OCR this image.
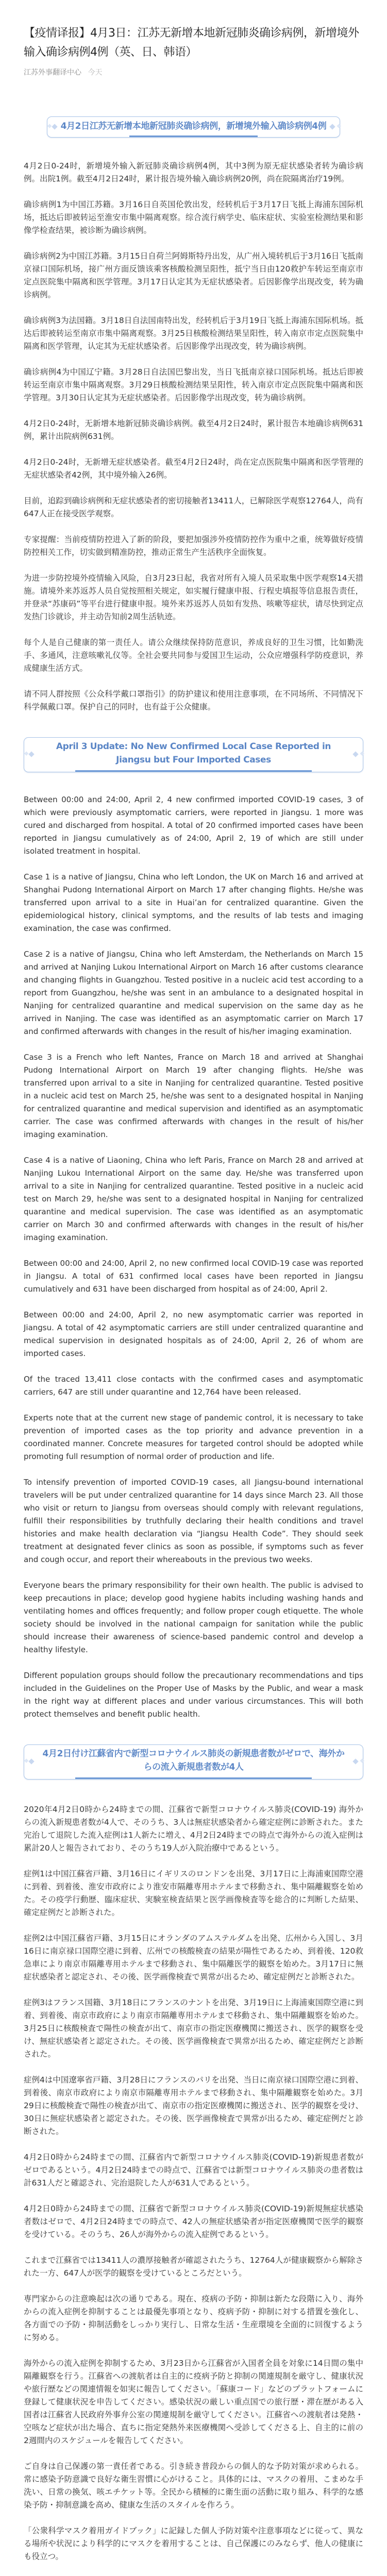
【疫情译报】4月3日：江苏无新增本地新冠肺炎确诊病例，新增境外输入确诊病例4例（英、日、韩语）
江苏外事翻译中心 今天
4月2日江苏无新增本地新冠肺炎确诊病例，新增境外输入确诊病例4例

4月2日0-24时，新增境外输入新冠肺炎确诊病例4例，其中3例为原无症状感染者转为确诊病例。出院1例。截至4月2日24时，累计报告境外输入确诊病例20例，尚在院隔离治疗19例。

确诊病例1为中国江苏籍。3月16日自英国伦敦出发，经转机后于3月17日飞抵上海浦东国际机场，抵达后即被转运至淮安市集中隔离观察。综合流行病学史、临床症状、实验室检测结果和影像学检查结果，被诊断为确诊病例。

确诊病例2为中国江苏籍。3月15日自荷兰阿姆斯特丹出发，从广州入境转机后于3月16日飞抵南京禄口国际机场，接广州方面反馈该乘客核酸检测呈阳性，抵宁当日由120救护车转运至南京市定点医院集中隔离和医学管理。3月17日认定其为无症状感染者。后因影像学出现改变，转为确诊病例。

确诊病例3为法国籍。3月18日自法国南特出发，经转机后于3月19日飞抵上海浦东国际机场。抵达后即被转运至南京市集中隔离观察。3月25日核酸检测结果呈阳性，转入南京市定点医院集中隔离和医学管理，认定其为无症状感染者。后因影像学出现改变，转为确诊病例。

确诊病例4为中国辽宁籍。3月28日自法国巴黎出发，当日飞抵南京禄口国际机场。抵达后即被转运至南京市集中隔离观察。3月29日核酸检测结果呈阳性，转入南京市定点医院集中隔离和医学管理。3月30日认定其为无症状感染者。后因影像学出现改变，转为确诊病例。

4月2日0-24时，无新增本地新冠肺炎确诊病例。截至4月2日24时，累计报告本地确诊病例631例，累计出院病例631例。

4月2日0-24时，无新增无症状感染者。截至4月2日24时，尚在定点医院集中隔离和医学管理的无症状感染者42例，其中境外输入26例。

目前，追踪到确诊病例和无症状感染者的密切接触者13411人，已解除医学观察12764人，尚有647人正在接受医学观察。

专家提醒：当前疫情防控进入了新的阶段，要把加强涉外疫情防控作为重中之重，统筹做好疫情防控相关工作，切实做到精准防控，推动正常生产生活秩序全面恢复。

为进一步防控境外疫情输入风险，自3月23日起，我省对所有入境人员采取集中医学观察14天措施。请境外来苏返苏人员自觉按照相关规定，如实履行健康申报、行程史填报等信息报告责任，并登录“苏康码”等平台进行健康申报。境外来苏返苏人员如有发热、咳嗽等症状，请尽快到定点发热门诊就诊，并主动告知前2周生活轨迹。

每个人是自己健康的第一责任人。请公众继续保持防范意识，养成良好的卫生习惯，比如勤洗手、多通风，注意咳嗽礼仪等。全社会要共同参与爱国卫生运动，公众应增强科学防疫意识，养成健康生活方式。

请不同人群按照《公众科学戴口罩指引》的防护建议和使用注意事项，在不同场所、不同情况下科学佩戴口罩。保护自己的同时，也有益于公众健康。

April 3 Update: No New Confirmed Local Case Reported in Jiangsu but Four Imported Cases

Between 00:00 and 24:00, April 2, 4 new confirmed imported COVID-19 cases, 3 of which were previously asymptomatic carriers, were reported in Jiangsu. 1 more was cured and discharged from hospital. A total of 20 confirmed imported cases have been reported in Jiangsu cumulatively as of 24:00, April 2, 19 of which are still under isolated treatment in hospital.

Case 1 is a native of Jiangsu, China who left London, the UK on March 16 and arrived at Shanghai Pudong International Airport on March 17 after changing flights. He/she was transferred upon arrival to a site in Huai’an for centralized quarantine. Given the epidemiological history, clinical symptoms, and the results of lab tests and imaging examination, the case was confirmed.

Case 2 is a native of Jiangsu, China who left Amsterdam, the Netherlands on March 15 and arrived at Nanjing Lukou International Airport on March 16 after customs clearance and changing flights in Guangzhou. Tested positive in a nucleic acid test according to a report from Guangzhou, he/she was sent in an ambulance to a designated hospital in Nanjing for centralized quarantine and medical supervision on the same day as he arrived in Nanjing. The case was identified as an asymptomatic carrier on March 17 and confirmed afterwards with changes in the result of his/her imaging examination.

Case 3 is a French who left Nantes, France on March 18 and arrived at Shanghai Pudong International Airport on March 19 after changing flights. He/she was transferred upon arrival to a site in Nanjing for centralized quarantine. Tested positive in a nucleic acid test on March 25, he/she was sent to a designated hospital in Nanjing for centralized quarantine and medical supervision and identified as an asymptomatic carrier. The case was confirmed afterwards with changes in the result of his/her imaging examination.

Case 4 is a native of Liaoning, China who left Paris, France on March 28 and arrived at Nanjing Lukou International Airport on the same day. He/she was transferred upon arrival to a site in Nanjing for centralized quarantine. Tested positive in a nucleic acid test on March 29, he/she was sent to a designated hospital in Nanjing for centralized quarantine and medical supervision. The case was identified as an asymptomatic carrier on March 30 and confirmed afterwards with changes in the result of his/her imaging examination.

Between 00:00 and 24:00, April 2, no new confirmed local COVID-19 case was reported in Jiangsu. A total of 631 confirmed local cases have been reported in Jiangsu cumulatively and 631 have been discharged from hospital as of 24:00, April 2.

Between 00:00 and 24:00, April 2, no new asymptomatic carrier was reported in Jiangsu. A total of 42 asymptomatic carriers are still under centralized quarantine and medical supervision in designated hospitals as of 24:00, April 2, 26 of whom are imported cases.

Of the traced 13,411 close contacts with the confirmed cases and asymptomatic carriers, 647 are still under quarantine and 12,764 have been released.

Experts note that at the current new stage of pandemic control, it is necessary to take prevention of imported cases as the top priority and advance prevention in a coordinated manner. Concrete measures for targeted control should be adopted while promoting full resumption of normal order of production and life.

To intensify prevention of imported COVID-19 cases, all Jiangsu-bound international travelers will be put under centralized quarantine for 14 days since March 23. All those who visit or return to Jiangsu from overseas should comply with relevant regulations, fulfill their responsibilities by truthfully declaring their health conditions and travel histories and make health declaration via “Jiangsu Health Code”. They should seek treatment at designated fever clinics as soon as possible, if symptoms such as fever and cough occur, and report their whereabouts in the previous two weeks.

Everyone bears the primary responsibility for their own health. The public is advised to keep precautions in place; develop good hygiene habits including washing hands and ventilating homes and offices frequently; and follow proper cough etiquette. The whole society should be involved in the national campaign for sanitation while the public should increase their awareness of science-based pandemic control and develop a healthy lifestyle.

Different population groups should follow the precautionary recommendations and tips included in the Guidelines on the Proper Use of Masks by the Public, and wear a mask in the right way at different places and under various circumstances. This will both protect themselves and benefit public health.

4月2日付け江蘇省内で新型コロナウイルス肺炎の新規患者数がゼロで、海外からの流入新規患者数が4人

2020年4月2日0時から24時までの間、江蘇省で新型コロナウイルス肺炎(COVID-19) 海外からの流入新規患者数が4人で、そのうち、3人は無症状感染者から確定症例に診断された。また完治して退院した流入症例は1人新たに増え、4月2日24時までの時点で海外からの流入症例は累計20人と報告されており、そのうち19人が入院治療中であるという。

症例1は中国江蘇省戸籍、3月16日にイギリスのロンドンを出発、3月17日に上海浦東国際空港に到着、到着後、淮安市政府により淮安市隔離専用ホテルまで移動され、集中隔離観察を始めた。その疫学行動歴、臨床症状、実験室検査結果と医学画像検査等を総合的に判断した結果、確定症例だと診断された。

症例2は中国江蘇省戸籍、3月15日にオランダのアムステルダムを出発、広州から入国し、3月16日に南京禄口国際空港に到着、広州での核酸検査の結果が陽性であるため、到着後、120救急車により南京市隔離専用ホテルまで移動され、集中隔離医学的観察を始めた。3月17日に無症状感染者と認定され、その後、医学画像検査で異常が出るため、確定症例だと診断された。

症例3はフランス国籍、3月18日にフランスのナントを出発、3月19日に上海浦東国際空港に到着、到着後、南京市政府により南京市隔離専用ホテルまで移動され、集中隔離観察を始めた。3月25日に核酸検査で陽性の検査が出て、南京市の指定医療機関に搬送され、医学的観察を受け、無症状感染者と認定された。その後、医学画像検査で異常が出るため、確定症例だと診断された。

症例4は中国遼寧省戸籍、3月28日にフランスのパリを出発、当日に南京禄口国際空港に到着、到着後、南京市政府により南京市隔離専用ホテルまで移動され、集中隔離観察を始めた。3月29日に核酸検査で陽性の検査が出て、南京市の指定医療機関に搬送され、医学的観察を受け、30日に無症状感染者と認定された。その後、医学画像検査で異常が出るため、確定症例だと診断された。

4月2日0時から24時までの間、江蘇省内で新型コロナウイルス肺炎(COVID-19)新規患者数がゼロであるという。4月2日24時までの時点で、江蘇省では新型コロナウイルス肺炎の患者数は計631人だと確認され、完治退院した人が631人であるという。

4月2日0時から24時までの間、江蘇省で新型コロナウイルス肺炎(COVID-19)新規無症状感染者数はゼロで、4月2日24時までの時点で、42人の無症状感染者が指定医療機関で医学的観察を受けている。そのうち、26人が海外からの流入症例であるという。

これまで江蘇省では13411人の濃厚接触者が確認されたうち、12764人が健康観察から解除された一方、647人が医学的観察を受けているところだという。

専門家からの注意喚起は次の通りである。現在、疫病の予防・抑制は新たな段階に入り、海外からの流入症例を抑制することは最優先事項となり、疫病予防・抑制に対する措置を強化し、各方面での予防・抑制活動をしっかり実行し、日常な生活・生産環境を全面的に回復するように努める。

海外からの流入症例を抑制するため、3月23日から江蘇省が入国者全員を対象に14日間の集中隔離観察を行う。江蘇省への渡航者は自主的に疫病予防と抑制の関連規制を厳守し、健康状況や旅行歴などの関連情報を如実に報告してください。「蘇康コード」などのプラットフォームに登録して健康状況を申告してください。感染状況の厳しい重点国での旅行歴・滞在歴がある入国者は江蘇省人民政府外事弁公室の関連規制を厳守してください。江蘇省への渡航者は発熱・空咳など症状が出た場合、直ちに指定発熱外来医療機関へ受診してくださる上、自主的に前の2週間内のスケジュールを報告してください。

ご自身は自己保護の第一責任者である。引き続き普段からの個人的な予防対策が求められる。常に感染予防意識で良好な衛生習慣に心がけること。具体的には、マスクの着用、こまめな手洗い、日常の換気、咳エチケット等。全民から積極的に衛生面の活動に取り組み、科学的な感染予防・抑制意識を高め、健康な生活のスタイルを作ろう。

「公衆科学マスク着用ガイドブック」に記録した個人予防対策や注意事項などに従って、異なる場所や状況により科学的にマスクを着用することは、自己保護にのみならず、他人の健康にも役立つ。
